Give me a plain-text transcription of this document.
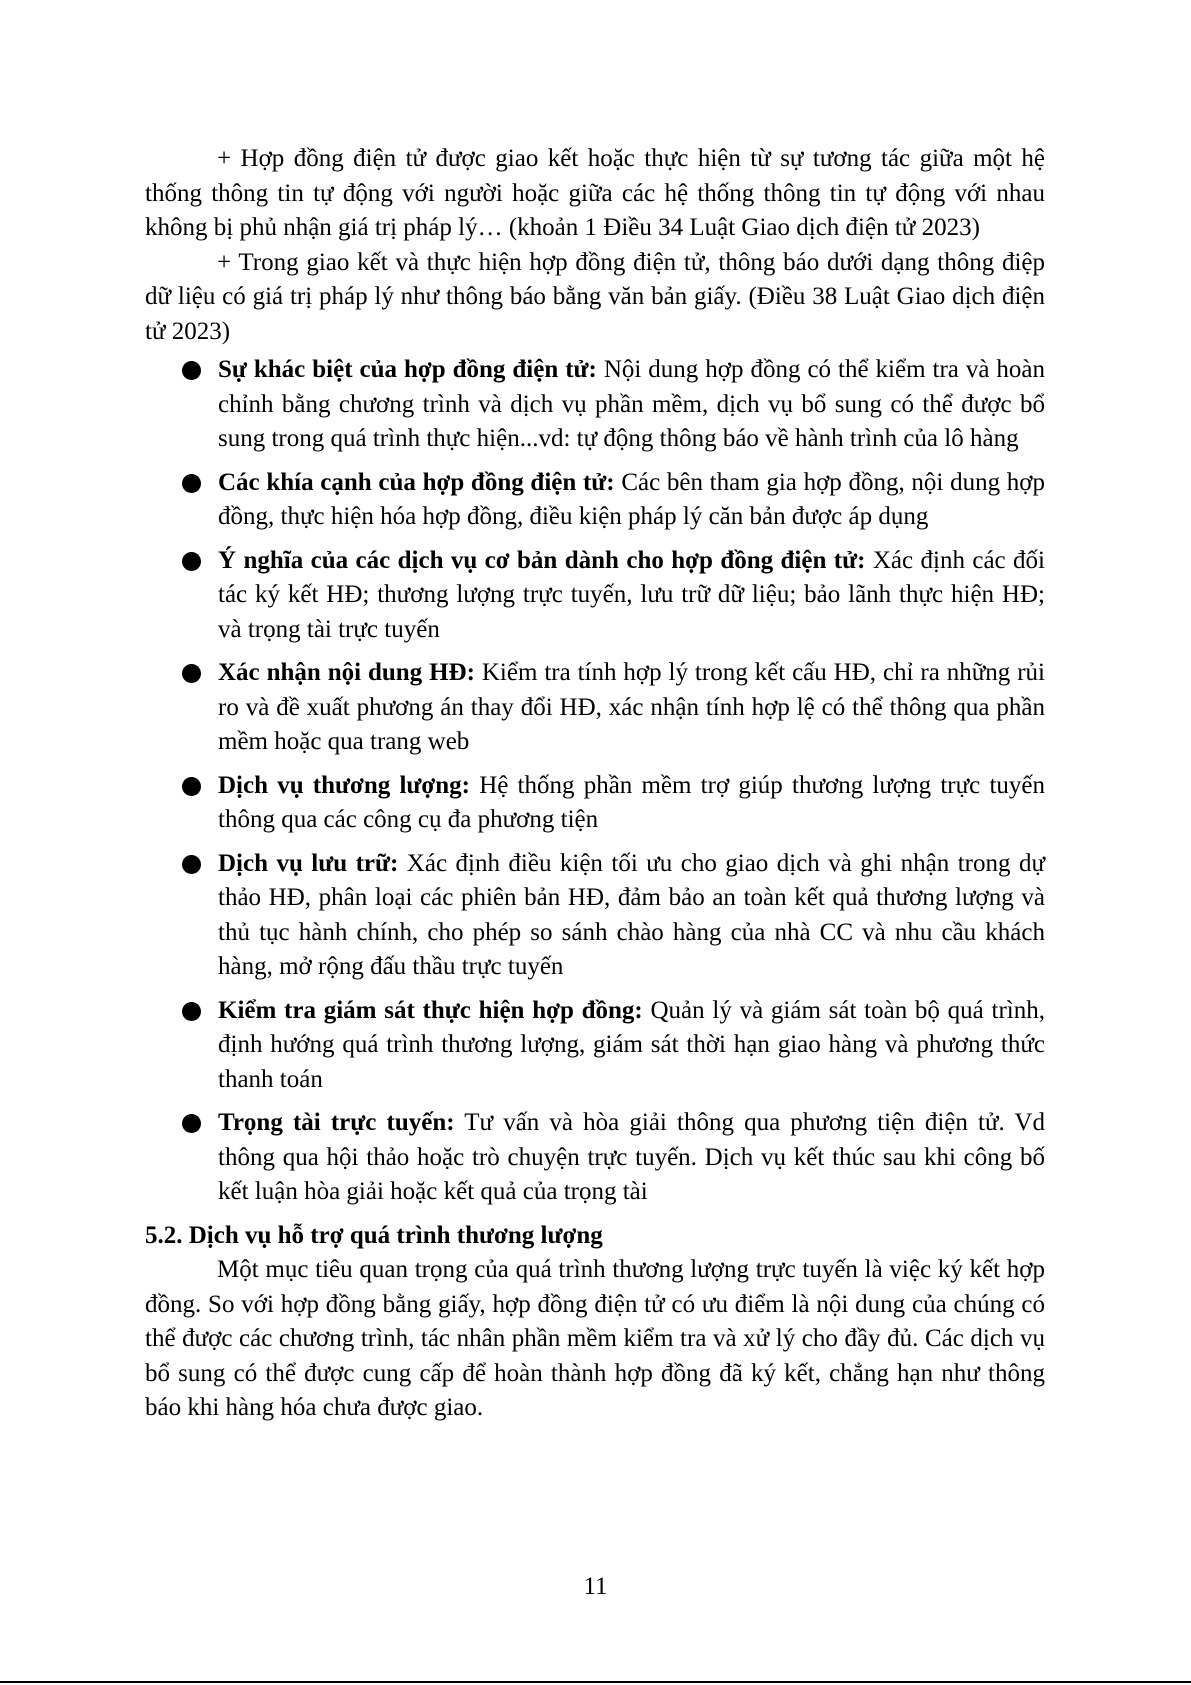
+ Hợp đồng điện tử được giao kết hoặc thực hiện từ sự tương tác giữa một hệ thống thông tin tự động với người hoặc giữa các hệ thống thông tin tự động với nhau không bị phủ nhận giá trị pháp lý… (khoản 1 Điều 34 Luật Giao dịch điện tử 2023)

+ Trong giao kết và thực hiện hợp đồng điện tử, thông báo dưới dạng thông điệp dữ liệu có giá trị pháp lý như thông báo bằng văn bản giấy. (Điều 38 Luật Giao dịch điện tử 2023)

Sự khác biệt của hợp đồng điện tử: Nội dung hợp đồng có thể kiểm tra và hoàn chỉnh bằng chương trình và dịch vụ phần mềm, dịch vụ bổ sung có thể được bổ sung trong quá trình thực hiện...vd: tự động thông báo về hành trình của lô hàng
Các khía cạnh của hợp đồng điện tử: Các bên tham gia hợp đồng, nội dung hợp đồng, thực hiện hóa hợp đồng, điều kiện pháp lý căn bản được áp dụng
Ý nghĩa của các dịch vụ cơ bản dành cho hợp đồng điện tử: Xác định các đối tác ký kết HĐ; thương lượng trực tuyến, lưu trữ dữ liệu; bảo lãnh thực hiện HĐ; và trọng tài trực tuyến
Xác nhận nội dung HĐ: Kiểm tra tính hợp lý trong kết cấu HĐ, chỉ ra những rủi ro và đề xuất phương án thay đổi HĐ, xác nhận tính hợp lệ có thể thông qua phần mềm hoặc qua trang web
Dịch vụ thương lượng: Hệ thống phần mềm trợ giúp thương lượng trực tuyến thông qua các công cụ đa phương tiện
Dịch vụ lưu trữ: Xác định điều kiện tối ưu cho giao dịch và ghi nhận trong dự thảo HĐ, phân loại các phiên bản HĐ, đảm bảo an toàn kết quả thương lượng và thủ tục hành chính, cho phép so sánh chào hàng của nhà CC và nhu cầu khách hàng, mở rộng đấu thầu trực tuyến
Kiểm tra giám sát thực hiện hợp đồng: Quản lý và giám sát toàn bộ quá trình, định hướng quá trình thương lượng, giám sát thời hạn giao hàng và phương thức thanh toán
Trọng tài trực tuyến: Tư vấn và hòa giải thông qua phương tiện điện tử. Vd thông qua hội thảo hoặc trò chuyện trực tuyến. Dịch vụ kết thúc sau khi công bố kết luận hòa giải hoặc kết quả của trọng tài
5.2. Dịch vụ hỗ trợ quá trình thương lượng

Một mục tiêu quan trọng của quá trình thương lượng trực tuyến là việc ký kết hợp đồng. So với hợp đồng bằng giấy, hợp đồng điện tử có ưu điểm là nội dung của chúng có thể được các chương trình, tác nhân phần mềm kiểm tra và xử lý cho đầy đủ. Các dịch vụ bổ sung có thể được cung cấp để hoàn thành hợp đồng đã ký kết, chẳng hạn như thông báo khi hàng hóa chưa được giao.

11
